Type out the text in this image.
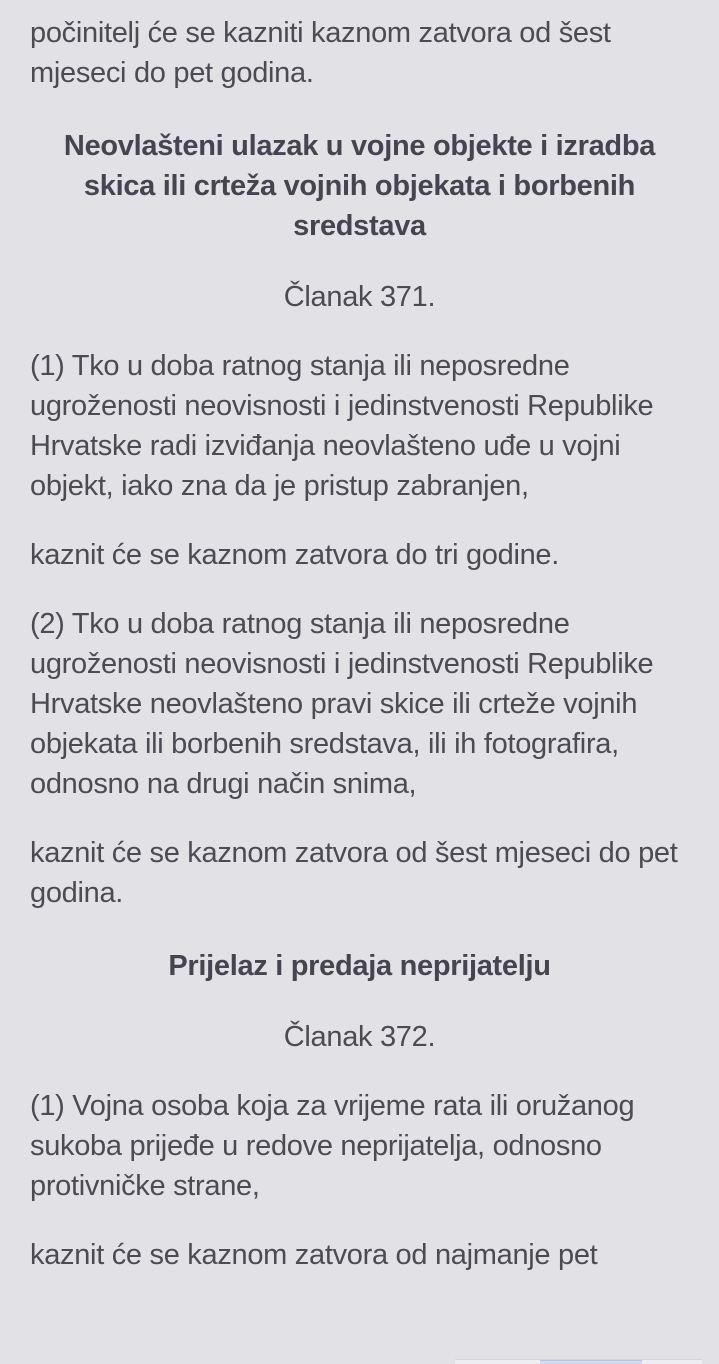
počinitelj će se kazniti kaznom zatvora od šest mjeseci do pet godina.

Neovlašteni ulazak u vojne objekte i izradba skica ili crteža vojnih objekata i borbenih sredstava

Članak 371.

(1) Tko u doba ratnog stanja ili neposredne ugroženosti neovisnosti i jedinstvenosti Republike Hrvatske radi izviđanja neovlašteno uđe u vojni objekt, iako zna da je pristup zabranjen,

kaznit će se kaznom zatvora do tri godine.

(2) Tko u doba ratnog stanja ili neposredne ugroženosti neovisnosti i jedinstvenosti Republike Hrvatske neovlašteno pravi skice ili crteže vojnih objekata ili borbenih sredstava, ili ih fotografira, odnosno na drugi način snima,

kaznit će se kaznom zatvora od šest mjeseci do pet godina.

Prijelaz i predaja neprijatelju

Članak 372.

(1) Vojna osoba koja za vrijeme rata ili oružanog sukoba prijeđe u redove neprijatelja, odnosno protivničke strane,

kaznit će se kaznom zatvora od najmanje pet
